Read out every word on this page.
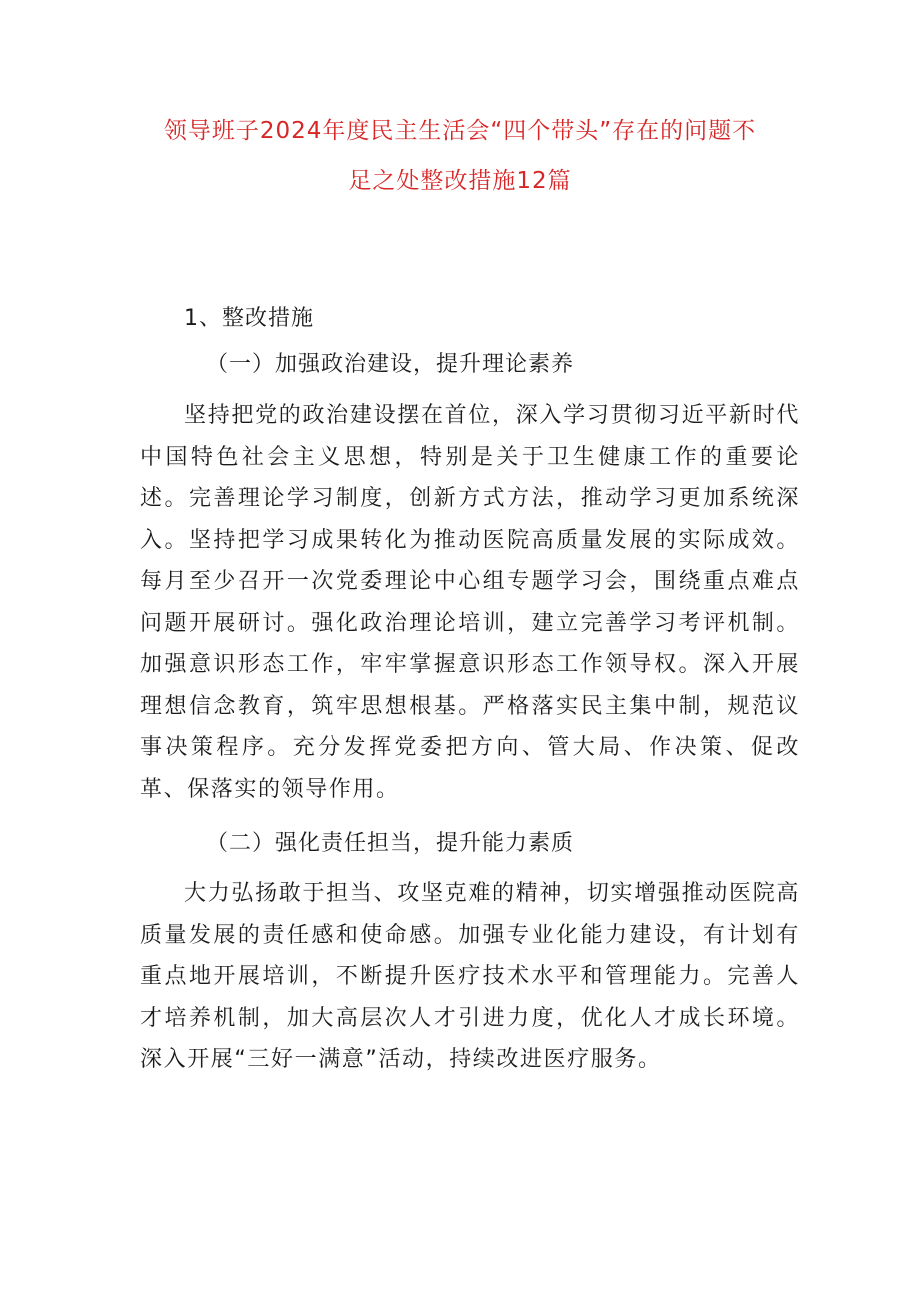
领导班子2024年度民主生活会“四个带头”存在的问题不
足之处整改措施12篇
1、整改措施
（一）加强政治建设，提升理论素养

坚持把党的政治建设摆在首位，深入学习贯彻习近平新时代中国特色社会主义思想，特别是关于卫生健康工作的重要论述。完善理论学习制度，创新方式方法，推动学习更加系统深入。坚持把学习成果转化为推动医院高质量发展的实际成效。每月至少召开一次党委理论中心组专题学习会，围绕重点难点问题开展研讨。强化政治理论培训，建立完善学习考评机制。加强意识形态工作，牢牢掌握意识形态工作领导权。深入开展理想信念教育，筑牢思想根基。严格落实民主集中制，规范议事决策程序。充分发挥党委把方向、管大局、作决策、促改革、保落实的领导作用。

（二）强化责任担当，提升能力素质

大力弘扬敢于担当、攻坚克难的精神，切实增强推动医院高质量发展的责任感和使命感。加强专业化能力建设，有计划有重点地开展培训，不断提升医疗技术水平和管理能力。完善人才培养机制，加大高层次人才引进力度，优化人才成长环境。深入开展“三好一满意”活动，持续改进医疗服务。
